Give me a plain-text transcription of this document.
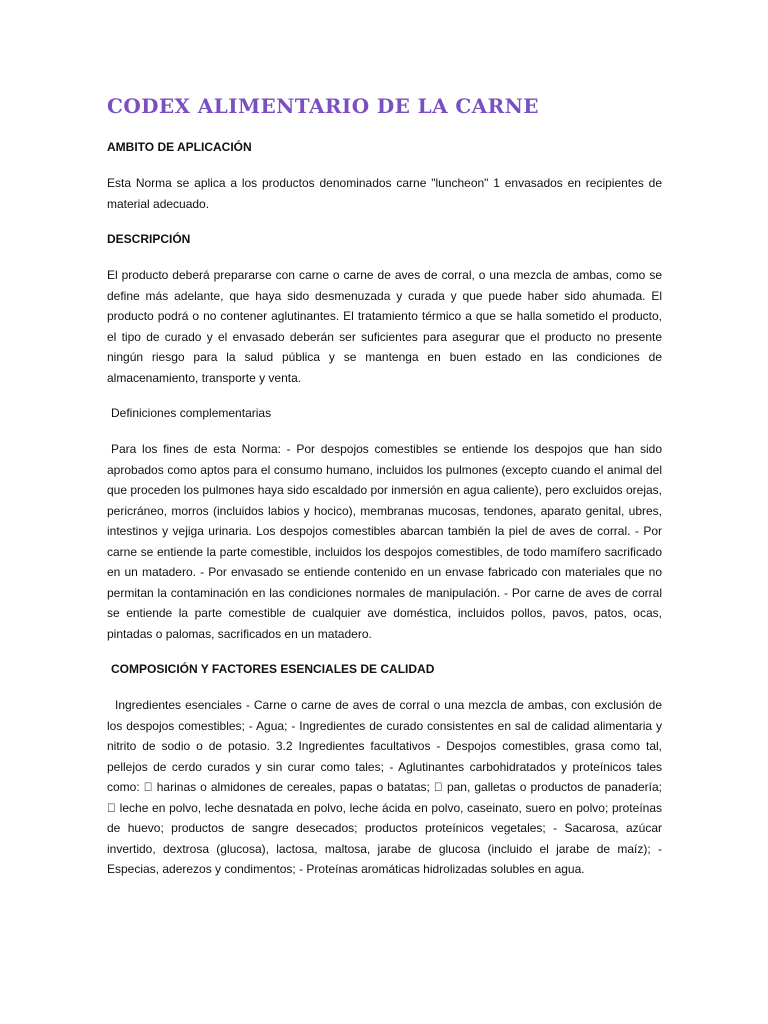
CODEX ALIMENTARIO DE LA CARNE
AMBITO DE APLICACIÓN

Esta Norma se aplica a los productos denominados carne "luncheon" 1 envasados en recipientes de material adecuado.

DESCRIPCIÓN

El producto deberá prepararse con carne o carne de aves de corral, o una mezcla de ambas, como se define más adelante, que haya sido desmenuzada y curada y que puede haber sido ahumada. El producto podrá o no contener aglutinantes. El tratamiento térmico a que se halla sometido el producto, el tipo de curado y el envasado deberán ser suficientes para asegurar que el producto no presente ningún riesgo para la salud pública y se mantenga en buen estado en las condiciones de almacenamiento, transporte y venta.

Definiciones complementarias

Para los fines de esta Norma: - Por despojos comestibles se entiende los despojos que han sido aprobados como aptos para el consumo humano, incluidos los pulmones (excepto cuando el animal del que proceden los pulmones haya sido escaldado por inmersión en agua caliente), pero excluidos orejas, pericráneo, morros (incluidos labios y hocico), membranas mucosas, tendones, aparato genital, ubres, intestinos y vejiga urinaria. Los despojos comestibles abarcan también la piel de aves de corral. - Por carne se entiende la parte comestible, incluidos los despojos comestibles, de todo mamífero sacrificado en un matadero. - Por envasado se entiende contenido en un envase fabricado con materiales que no permitan la contaminación en las condiciones normales de manipulación. - Por carne de aves de corral se entiende la parte comestible de cualquier ave doméstica, incluidos pollos, pavos, patos, ocas, pintadas o palomas, sacrificados en un matadero.

COMPOSICIÓN Y FACTORES ESENCIALES DE CALIDAD

Ingredientes esenciales - Carne o carne de aves de corral o una mezcla de ambas, con exclusión de los despojos comestibles; - Agua; - Ingredientes de curado consistentes en sal de calidad alimentaria y nitrito de sodio o de potasio. 3.2 Ingredientes facultativos - Despojos comestibles, grasa como tal, pellejos de cerdo curados y sin curar como tales; - Aglutinantes carbohidratados y proteínicos tales como: harinas o almidones de cereales, papas o batatas; pan, galletas o productos de panadería; leche en polvo, leche desnatada en polvo, leche ácida en polvo, caseinato, suero en polvo; proteínas de huevo; productos de sangre desecados; productos proteínicos vegetales; - Sacarosa, azúcar invertido, dextrosa (glucosa), lactosa, maltosa, jarabe de glucosa (incluido el jarabe de maíz); - Especias, aderezos y condimentos; - Proteínas aromáticas hidrolizadas solubles en agua.
